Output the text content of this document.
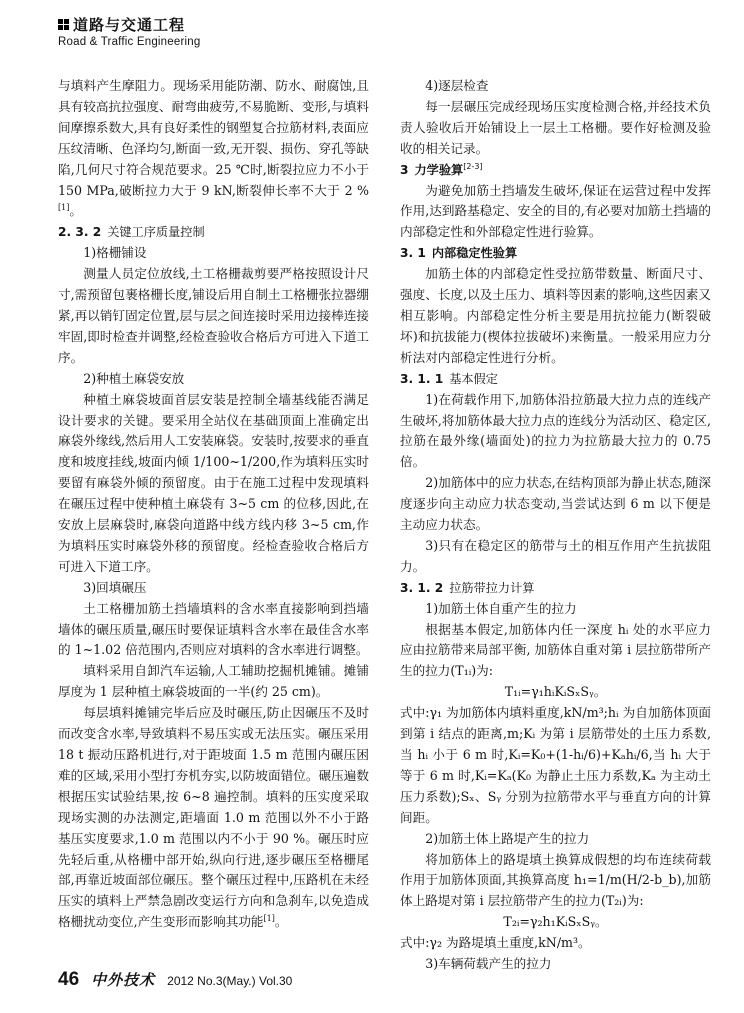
道路与交通工程
Road & Traffic Engineering

与填料产生摩阻力。现场采用能防潮、防水、耐腐蚀,且具有较高抗拉强度、耐弯曲疲劳,不易脆断、变形,与填料间摩擦系数大,具有良好柔性的钢塑复合拉筋材料,表面应压纹清晰、色泽均匀,断面一致,无开裂、损伤、穿孔等缺陷,几何尺寸符合规范要求。25 ℃时,断裂拉应力不小于 150 MPa,破断拉力大于 9 kN,断裂伸长率不大于 2 %[1]。

2. 3. 2 关键工序质量控制

1)格栅铺设

测量人员定位放线,土工格栅裁剪要严格按照设计尺寸,需预留包裹格栅长度,铺设后用自制土工格栅张拉器绷紧,再以销钉固定位置,层与层之间连接时采用边接棒连接牢固,即时检查并调整,经检查验收合格后方可进入下道工序。

2)种植土麻袋安放

种植土麻袋坡面首层安装是控制全墙基线能否满足设计要求的关键。要采用全站仪在基础顶面上准确定出麻袋外缘线,然后用人工安装麻袋。安装时,按要求的垂直度和坡度挂线,坡面内倾 1/100~1/200,作为填料压实时要留有麻袋外倾的预留度。由于在施工过程中发现填料在碾压过程中使种植土麻袋有 3~5 cm 的位移,因此,在安放上层麻袋时,麻袋向道路中线方线内移 3~5 cm,作为填料压实时麻袋外移的预留度。经检查验收合格后方可进入下道工序。

3)回填碾压

土工格栅加筋土挡墙填料的含水率直接影响到挡墙墙体的碾压质量,碾压时要保证填料含水率在最佳含水率的 1~1.02 倍范围内,否则应对填料的含水率进行调整。

填料采用自卸汽车运输,人工辅助挖掘机摊铺。摊铺厚度为 1 层种植土麻袋坡面的一半(约 25 cm)。

每层填料摊铺完毕后应及时碾压,防止因碾压不及时而改变含水率,导致填料不易压实或无法压实。碾压采用 18 t 振动压路机进行,对于距坡面 1.5 m 范围内碾压困难的区域,采用小型打夯机夯实,以防坡面错位。碾压遍数根据压实试验结果,按 6~8 遍控制。填料的压实度采取现场实测的办法测定,距墙面 1.0 m 范围以外不小于路基压实度要求,1.0 m 范围以内不小于 90 %。碾压时应先轻后重,从格栅中部开始,纵向行进,逐步碾压至格栅尾部,再靠近坡面部位碾压。整个碾压过程中,压路机在未经压实的填料上严禁急剧改变运行方向和急刹车,以免造成格栅扰动变位,产生变形而影响其功能[1]。

4)逐层检查

每一层碾压完成经现场压实度检测合格,并经技术负责人验收后开始铺设上一层土工格栅。要作好检测及验收的相关记录。

3 力学验算[2-3]

为避免加筋土挡墙发生破坏,保证在运营过程中发挥作用,达到路基稳定、安全的目的,有必要对加筋土挡墙的内部稳定性和外部稳定性进行验算。

3. 1 内部稳定性验算

加筋土体的内部稳定性受拉筋带数量、断面尺寸、强度、长度,以及土压力、填料等因素的影响,这些因素又相互影响。内部稳定性分析主要是用抗拉能力(断裂破坏)和抗拔能力(楔体拉拔破坏)来衡量。一般采用应力分析法对内部稳定性进行分析。

3. 1. 1 基本假定

1)在荷载作用下,加筋体沿拉筋最大拉力点的连线产生破坏,将加筋体最大拉力点的连线分为活动区、稳定区,拉筋在最外缘(墙面处)的拉力为拉筋最大拉力的 0.75 倍。

2)加筋体中的应力状态,在结构顶部为静止状态,随深度逐步向主动应力状态变动,当尝试达到 6 m 以下便是主动应力状态。

3)只有在稳定区的筋带与土的相互作用产生抗拔阻力。

3. 1. 2 拉筋带拉力计算

1)加筋土体自重产生的拉力

根据基本假定,加筋体内任一深度 hᵢ 处的水平应力应由拉筋带来局部平衡, 加筋体自重对第 i 层拉筋带所产生的拉力(T₁ᵢ)为:

T₁ᵢ=γ₁hᵢKᵢSₓSᵧ。

式中:γ₁ 为加筋体内填料重度,kN/m³;hᵢ 为自加筋体顶面到第 i 结点的距离,m;Kᵢ 为第 i 层筋带处的土压力系数,当 hᵢ 小于 6 m 时,Kᵢ=K₀+(1-hᵢ/6)+Kₐhᵢ/6,当 hᵢ 大于等于 6 m 时,Kᵢ=Kₐ(K₀ 为静止土压力系数,Kₐ 为主动土压力系数);Sₓ、Sᵧ 分别为拉筋带水平与垂直方向的计算间距。

2)加筋土体上路堤产生的拉力

将加筋体上的路堤填土换算成假想的均布连续荷载作用于加筋体顶面,其换算高度 h₁=1/m(H/2-b_b),加筋体上路堤对第 i 层拉筋带产生的拉力(T₂ᵢ)为:

T₂ᵢ=γ₂h₁KᵢSₓSᵧ。

式中:γ₂ 为路堤填土重度,kN/m³。

3)车辆荷载产生的拉力

46 中外技术 2012 No.3(May.) Vol.30
